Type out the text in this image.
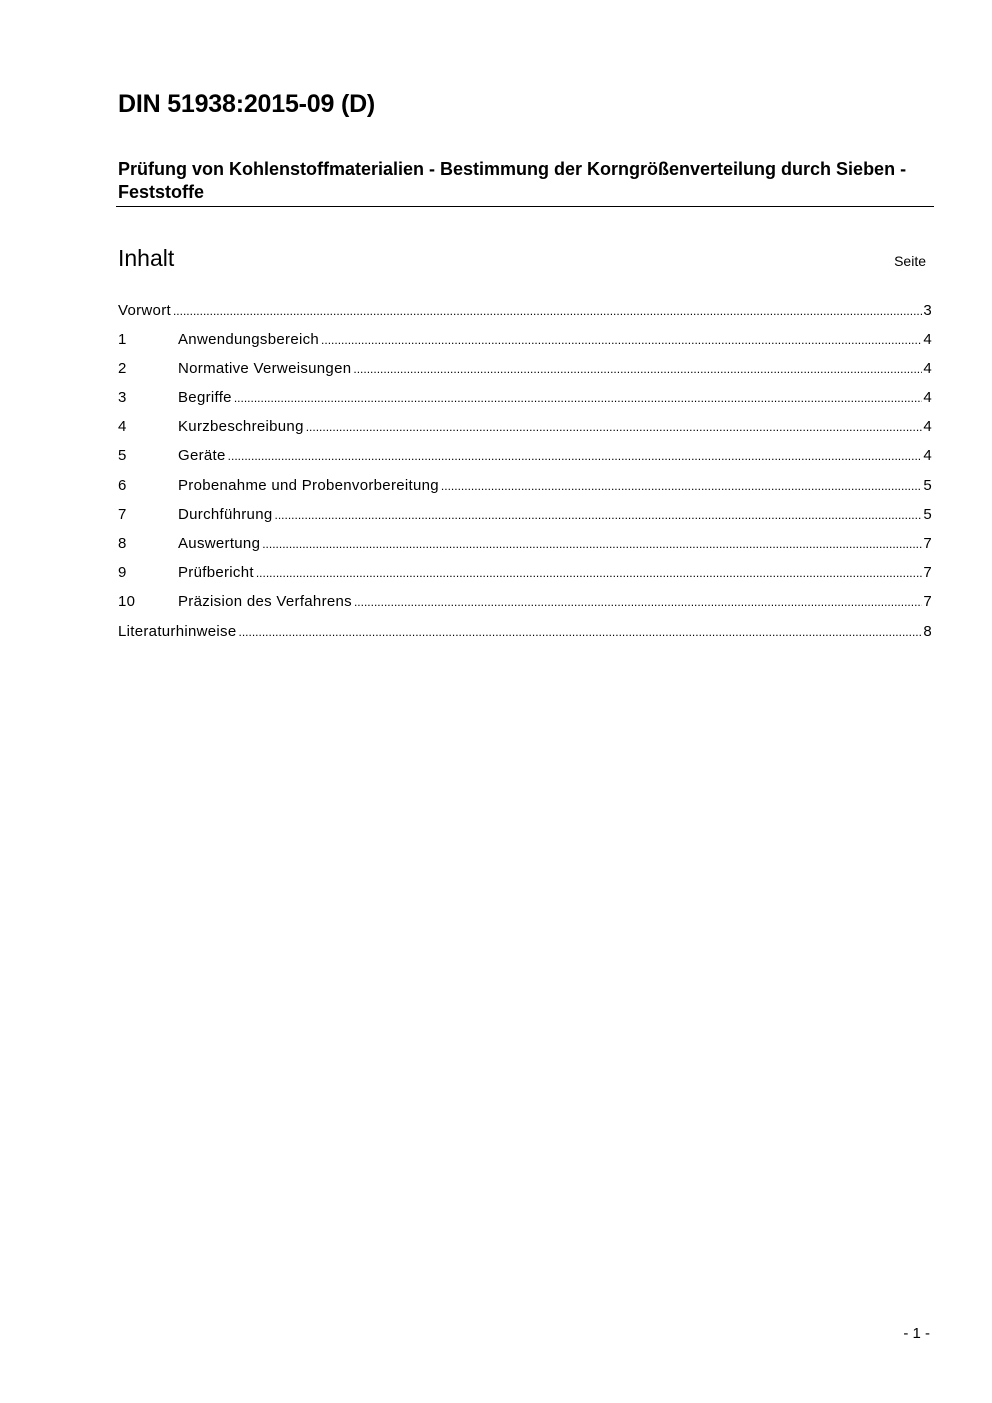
DIN 51938:2015-09 (D)
Prüfung von Kohlenstoffmaterialien - Bestimmung der Korngrößenverteilung durch Sieben - Feststoffe
Inhalt	Seite
Vorwort .....	3
1	Anwendungsbereich .....	4
2	Normative Verweisungen .....	4
3	Begriffe .....	4
4	Kurzbeschreibung .....	4
5	Geräte .....	4
6	Probenahme und Probenvorbereitung .....	5
7	Durchführung .....	5
8	Auswertung .....	7
9	Prüfbericht .....	7
10	Präzision des Verfahrens .....	7
Literaturhinweise .....	8
- 1 -
